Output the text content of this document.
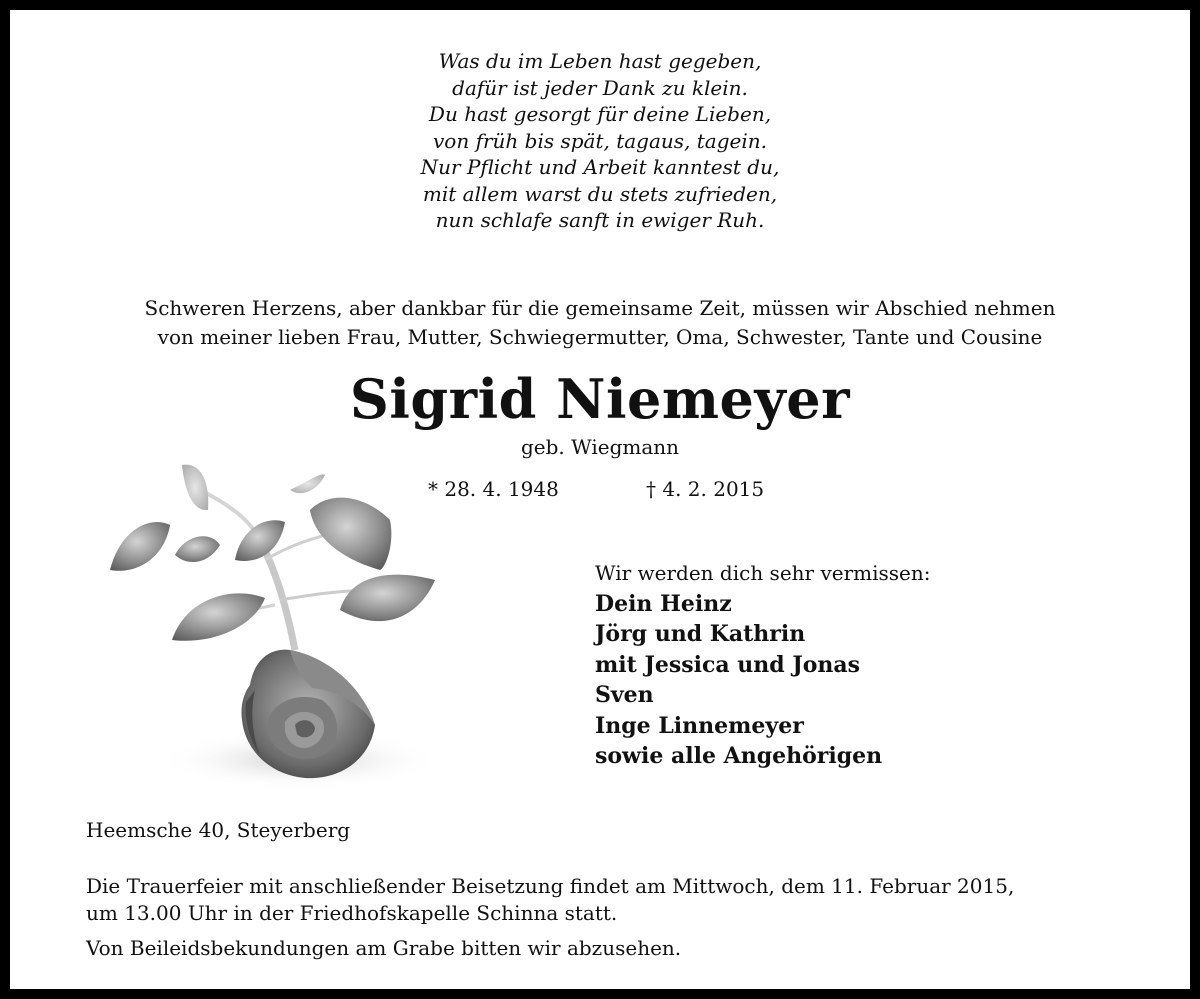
Was du im Leben hast gegeben,
dafür ist jeder Dank zu klein.
Du hast gesorgt für deine Lieben,
von früh bis spät, tagaus, tagein.
Nur Pflicht und Arbeit kanntest du,
mit allem warst du stets zufrieden,
nun schlafe sanft in ewiger Ruh.
Schweren Herzens, aber dankbar für die gemeinsame Zeit, müssen wir Abschied nehmen
von meiner lieben Frau, Mutter, Schwiegermutter, Oma, Schwester, Tante und Cousine
Sigrid Niemeyer
geb. Wiegmann
* 28. 4. 1948	† 4. 2. 2015
Wir werden dich sehr vermissen:
Dein Heinz
Jörg und Kathrin
mit Jessica und Jonas
Sven
Inge Linnemeyer
sowie alle Angehörigen
Heemsche 40, Steyerberg
Die Trauerfeier mit anschließender Beisetzung findet am Mittwoch, dem 11. Februar 2015,
um 13.00 Uhr in der Friedhofskapelle Schinna statt.
Von Beileidsbekundungen am Grabe bitten wir abzusehen.
